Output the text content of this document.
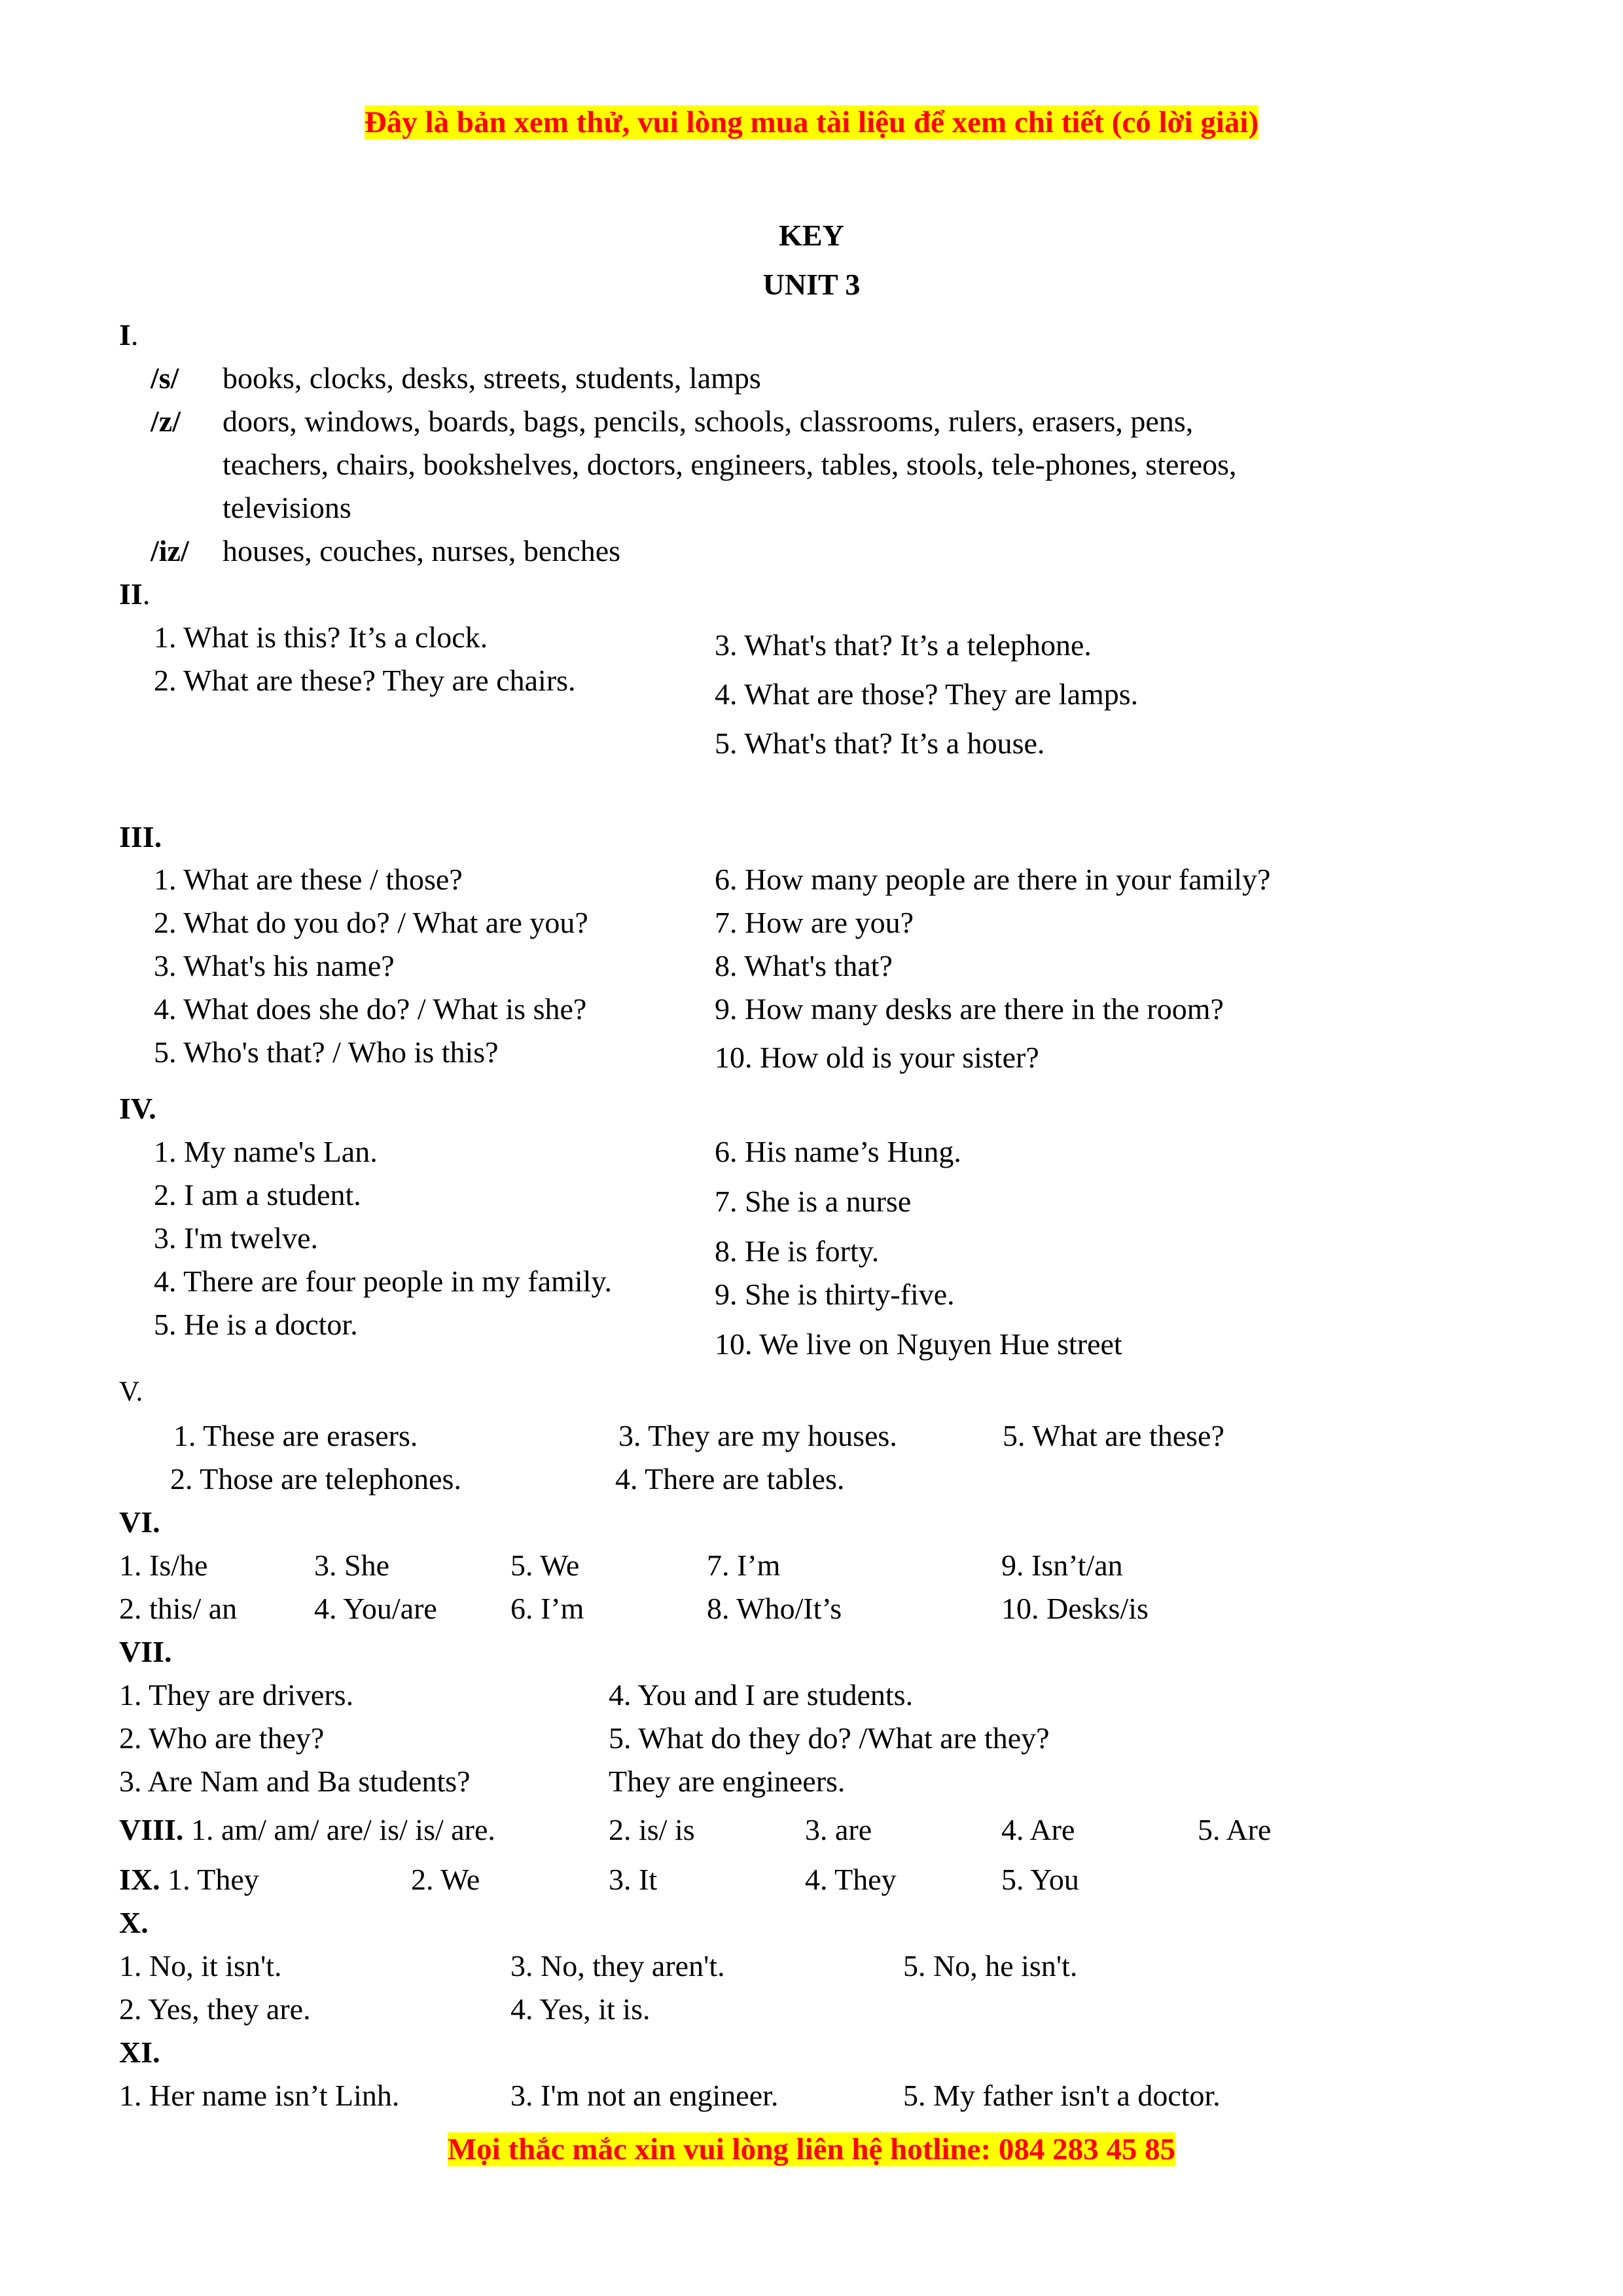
Đây là bản xem thử, vui lòng mua tài liệu để xem chi tiết (có lời giải)
KEY
UNIT 3
I.
/s/ books, clocks, desks, streets, students, lamps
/z/ doors, windows, boards, bags, pencils, schools, classrooms, rulers, erasers, pens,
teachers, chairs, bookshelves, doctors, engineers, tables, stools, tele-phones, stereos,
televisions
/iz/ houses, couches, nurses, benches
II.
1. What is this? It’s a clock.
2. What are these? They are chairs.
3. What's that? It’s a telephone.
4. What are those? They are lamps.
5. What's that? It’s a house.
III.
1. What are these / those?
2. What do you do? / What are you?
3. What's his name?
4. What does she do? / What is she?
5. Who's that? / Who is this?
6. How many people are there in your family?
7. How are you?
8. What's that?
9. How many desks are there in the room?
10. How old is your sister?
IV.
1. My name's Lan.
2. I am a student.
3. I'm twelve.
4. There are four people in my family.
5. He is a doctor.
6. His name’s Hung.
7. She is a nurse
8. He is forty.
9. She is thirty-five.
10. We live on Nguyen Hue street
V.
1. These are erasers.	3. They are my houses.	5. What are these?
2. Those are telephones.	4. There are tables.
VI.
1. Is/he	3. She	5. We	7. I’m	9. Isn’t/an
2. this/ an	4. You/are 6. I’m	8. Who/It’s	10. Desks/is
VII.
1. They are drivers.
2. Who are they?
3. Are Nam and Ba students?
4. You and I are students.
5. What do they do? /What are they?
They are engineers.
VIII. 1. am/ am/ are/ is/ is/ are.	2. is/ is	3. are	4. Are	5. Are
IX. 1. They	2. We	3. It	4. They	5. You
X.
1. No, it isn't.	3. No, they aren't.	5. No, he isn't.
2. Yes, they are.	4. Yes, it is.
XI.
1. Her name isn’t Linh.	3. I'm not an engineer.	5. My father isn't a doctor.
Mọi thắc mắc xin vui lòng liên hệ hotline: 084 283 45 85
